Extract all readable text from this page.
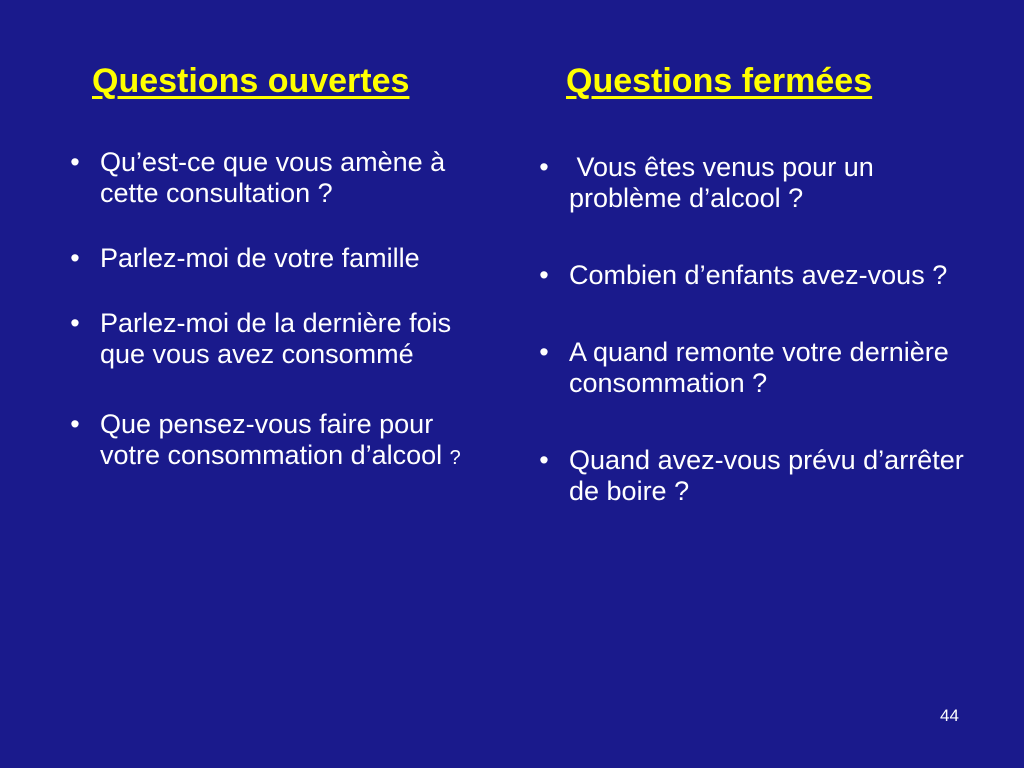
Questions ouvertes	Questions fermées
• Qu’est-ce que vous amène à cette consultation ?
• Parlez-moi de votre famille
• Parlez-moi de la dernière fois que vous avez consommé
• Que pensez-vous faire pour votre consommation d’alcool ?
• Vous êtes venus pour un problème d’alcool ?
• Combien d’enfants avez-vous ?
• A quand remonte votre dernière consommation ?
• Quand avez-vous prévu d’arrêter de boire ?
44
